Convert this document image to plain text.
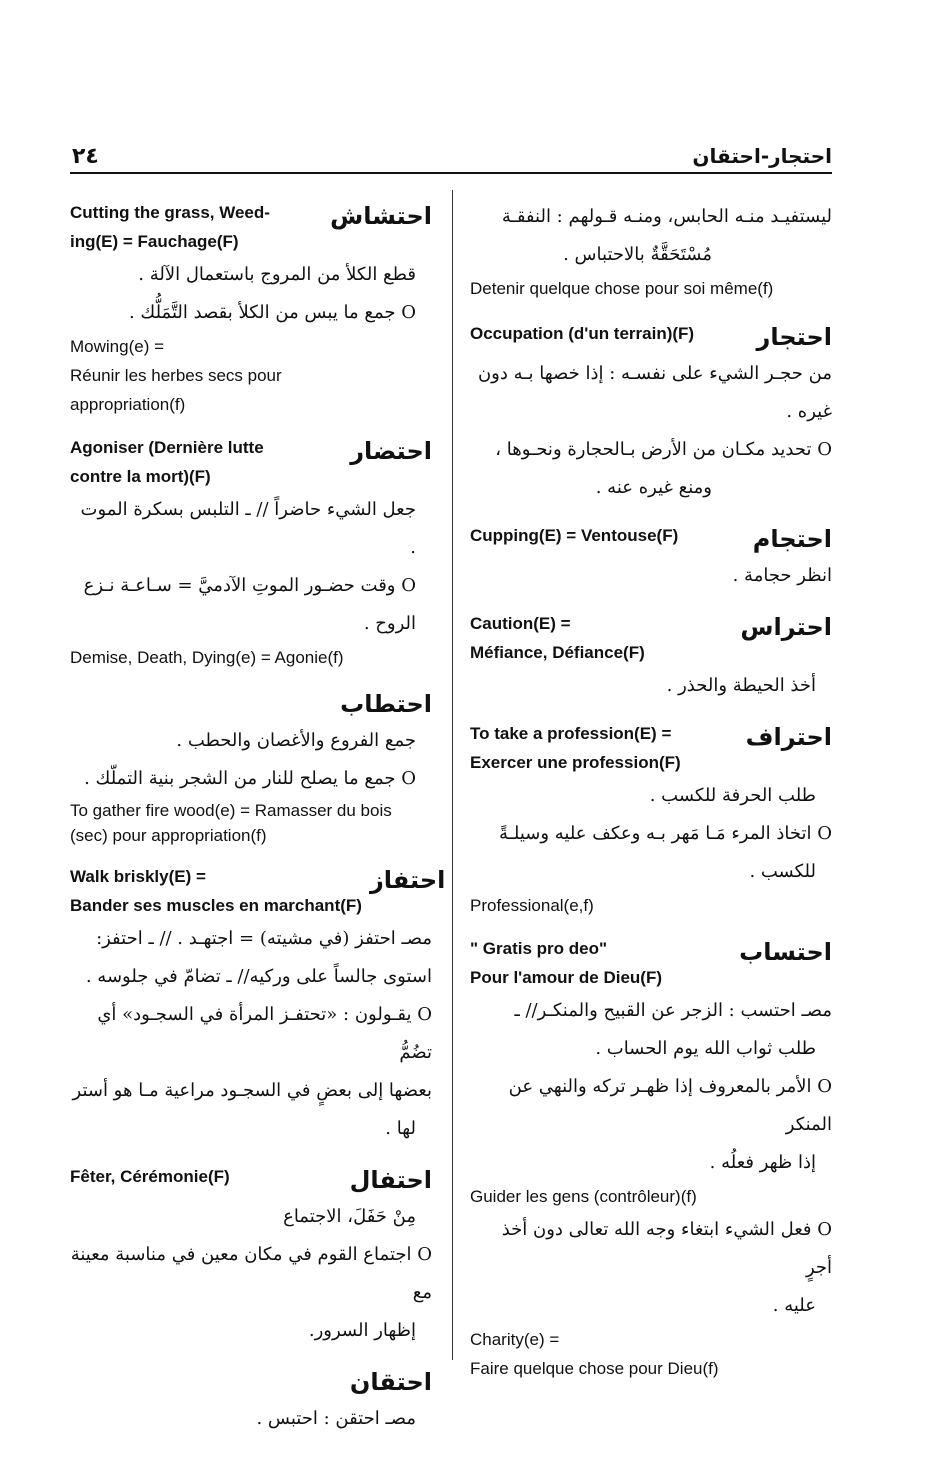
٢٤	احتجار-احتقان
ليستفيـد منـه الحابس، ومنـه قـولهم : النفقـة
مُسْتَحَقَّةٌ بالاحتباس .
Detenir quelque chose pour soi même(f)
Occupation (d'un terrain)(F)	احتجار
من حجـر الشيء على نفسـه : إذا خصها بـه دون
غيره .
O تحديد مكـان من الأرض بـالحجارة ونحـوها ،
ومنع غيره عنه .
Cupping(E) = Ventouse(F)	احتجام
انظر حجامة .
Caution(E) =
Méfiance, Défiance(F)
احتراس
أخذ الحيطة والحذر .
To take a profession(E) =
Exercer une profession(F)
احتراف
طلب الحرفة للكسب .
O اتخاذ المرء مَـا مَهر بـه وعكف عليه وسيلـةً
للكسب .
Professional(e,f)
" Gratis pro deo"
Pour l'amour de Dieu(F)
احتساب
مصـ احتسب : الزجر عن القبيح والمنكـر// ـ
طلب ثواب الله يوم الحساب .
O الأمر بالمعروف إذا ظهـر تركه والنهي عن المنكر
إذا ظهر فعلُه .
Guider les gens (contrôleur)(f)
O فعل الشيء ابتغاء وجه الله تعالى دون أخذ أجرٍ
عليه .
Charity(e) =
Faire quelque chose pour Dieu(f)
Cutting the grass, Weed-
ing(E) = Fauchage(F)
احتشاش
قطع الكلأ من المروج باستعمال الآلة .
O جمع ما يبس من الكلأ بقصد التَّمَلُّك .
Mowing(e) =
Réunir les herbes secs pour
appropriation(f)
Agoniser (Dernière lutte
contre la mort)(F)
احتضار
جعل الشيء حاضراً // ـ التلبس بسكرة الموت .
O وقت حضـور الموتِ الآدميَّ = سـاعـة نـزع
الروح .
Demise, Death, Dying(e) = Agonie(f)
احتطاب
جمع الفروع والأغصان والحطب .
O جمع ما يصلح للنار من الشجر بنية التملّك .
To gather fire wood(e) = Ramasser du bois
(sec) pour appropriation(f)
Walk briskly(E) =
Bander ses muscles en marchant(F)
احتفاز
مصـ احتفز (في مشيته) = اجتهـد . // ـ احتفز:
استوى جالساً على وركيه// ـ تضامّ في جلوسه .
O يقـولون : «تحتفـز المرأة في السجـود» أي تضُمُّ
بعضها إلى بعضٍ في السجـود مراعية مـا هو أستر
لها .
Fêter, Cérémonie(F)	احتفال
مِنْ حَفَلَ، الاجتماع
O اجتماع القوم في مكان معين في مناسبة معينة مع
إظهار السرور.
احتقان
مصـ احتقن : احتبس .
